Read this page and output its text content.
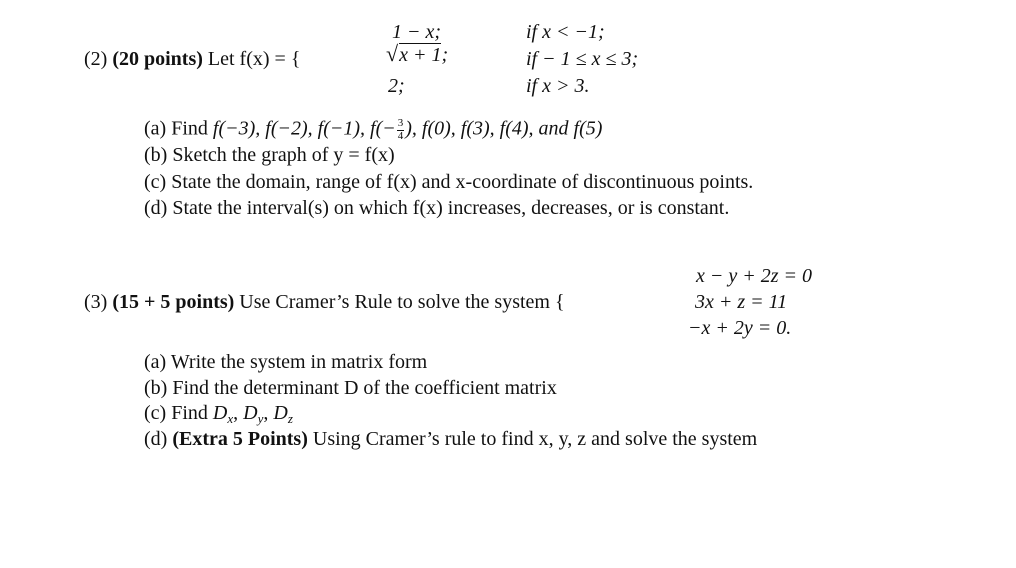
(2) (20 points) Let f(x) = {
1 − x;
√ x + 1 ;
2;
if x < −1;
if − 1 ≤ x ≤ 3;
if x > 3.
(a) Find f(−3), f(−2), f(−1), $f(- \frac{3}{4}$ ), f(0), f(3), f(4), and f(5)
(b) Sketch the graph of y = f(x)
(c) State the domain, range of f(x) and x-coordinate of discontinuous points.
(d) State the interval(s) on which f(x) increases, decreases, or is constant.
(3) (15 + 5 points) Use Cramer’s Rule to solve the system {
x − y + 2z = 0
3x + z = 11
−x + 2y = 0.
(a) Write the system in matrix form
(b) Find the determinant D of the coefficient matrix
(c) Find $D_x$, $D_y$, $D_z$
(d) (Extra 5 Points) Using Cramer’s rule to find x, y, z and solve the system
